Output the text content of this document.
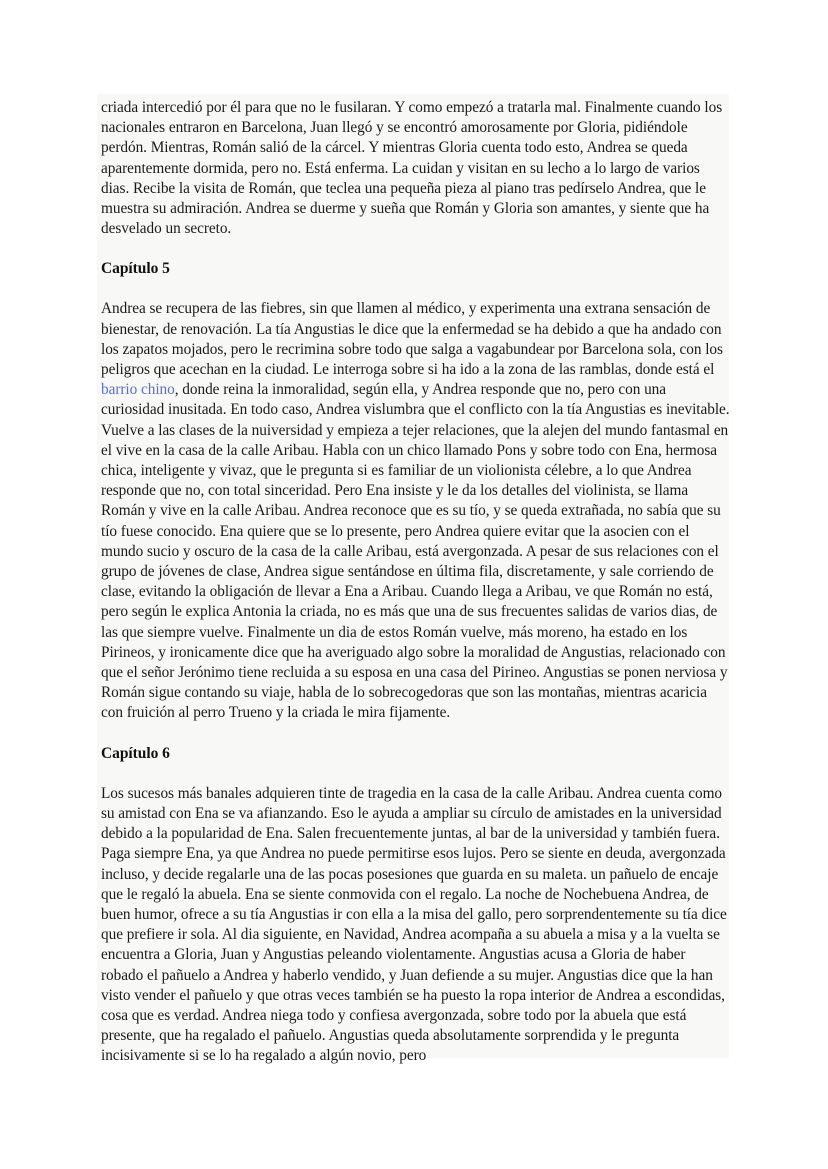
criada intercedió por él para que no le fusilaran. Y como empezó a tratarla mal. Finalmente cuando los nacionales entraron en Barcelona, Juan llegó y se encontró amorosamente por Gloria, pidiéndole perdón. Mientras, Román salió de la cárcel. Y mientras Gloria cuenta todo esto, Andrea se queda aparentemente dormida, pero no. Está enferma. La cuidan y visitan en su lecho a lo largo de varios dias. Recibe la visita de Román, que teclea una pequeña pieza al piano tras pedírselo Andrea, que le muestra su admiración. Andrea se duerme y sueña que Román y Gloria son amantes, y siente que ha desvelado un secreto.

Capítulo 5

Andrea se recupera de las fiebres, sin que llamen al médico, y experimenta una extrana sensación de bienestar, de renovación. La tía Angustias le dice que la enfermedad se ha debido a que ha andado con los zapatos mojados, pero le recrimina sobre todo que salga a vagabundear por Barcelona sola, con los peligros que acechan en la ciudad. Le interroga sobre si ha ido a la zona de las ramblas, donde está el barrio chino, donde reina la inmoralidad, según ella, y Andrea responde que no, pero con una curiosidad inusitada. En todo caso, Andrea vislumbra que el conflicto con la tía Angustias es inevitable. Vuelve a las clases de la nuiversidad y empieza a tejer relaciones, que la alejen del mundo fantasmal en el vive en la casa de la calle Aribau. Habla con un chico llamado Pons y sobre todo con Ena, hermosa chica, inteligente y vivaz, que le pregunta si es familiar de un violionista célebre, a lo que Andrea responde que no, con total sinceridad. Pero Ena insiste y le da los detalles del violinista, se llama Román y vive en la calle Aribau. Andrea reconoce que es su tío, y se queda extrañada, no sabía que su tío fuese conocido. Ena quiere que se lo presente, pero Andrea quiere evitar que la asocien con el mundo sucio y oscuro de la casa de la calle Aribau, está avergonzada. A pesar de sus relaciones con el grupo de jóvenes de clase, Andrea sigue sentándose en última fila, discretamente, y sale corriendo de clase, evitando la obligación de llevar a Ena a Aribau. Cuando llega a Aribau, ve que Román no está, pero según le explica Antonia la criada, no es más que una de sus frecuentes salidas de varios dias, de las que siempre vuelve. Finalmente un dia de estos Román vuelve, más moreno, ha estado en los Pirineos, y ironicamente dice que ha averiguado algo sobre la moralidad de Angustias, relacionado con que el señor Jerónimo tiene recluida a su esposa en una casa del Pirineo. Angustias se ponen nerviosa y Román sigue contando su viaje, habla de lo sobrecogedoras que son las montañas, mientras acaricia con fruición al perro Trueno y la criada le mira fijamente.

Capítulo 6

Los sucesos más banales adquieren tinte de tragedia en la casa de la calle Aribau. Andrea cuenta como su amistad con Ena se va afianzando. Eso le ayuda a ampliar su círculo de amistades en la universidad debido a la popularidad de Ena. Salen frecuentemente juntas, al bar de la universidad y también fuera. Paga siempre Ena, ya que Andrea no puede permitirse esos lujos. Pero se siente en deuda, avergonzada incluso, y decide regalarle una de las pocas posesiones que guarda en su maleta. un pañuelo de encaje que le regaló la abuela. Ena se siente conmovida con el regalo. La noche de Nochebuena Andrea, de buen humor, ofrece a su tía Angustias ir con ella a la misa del gallo, pero sorprendentemente su tía dice que prefiere ir sola. Al dia siguiente, en Navidad, Andrea acompaña a su abuela a misa y a la vuelta se encuentra a Gloria, Juan y Angustias peleando violentamente. Angustias acusa a Gloria de haber robado el pañuelo a Andrea y haberlo vendido, y Juan defiende a su mujer. Angustias dice que la han visto vender el pañuelo y que otras veces también se ha puesto la ropa interior de Andrea a escondidas, cosa que es verdad. Andrea niega todo y confiesa avergonzada, sobre todo por la abuela que está presente, que ha regalado el pañuelo. Angustias queda absolutamente sorprendida y le pregunta incisivamente si se lo ha regalado a algún novio, pero
